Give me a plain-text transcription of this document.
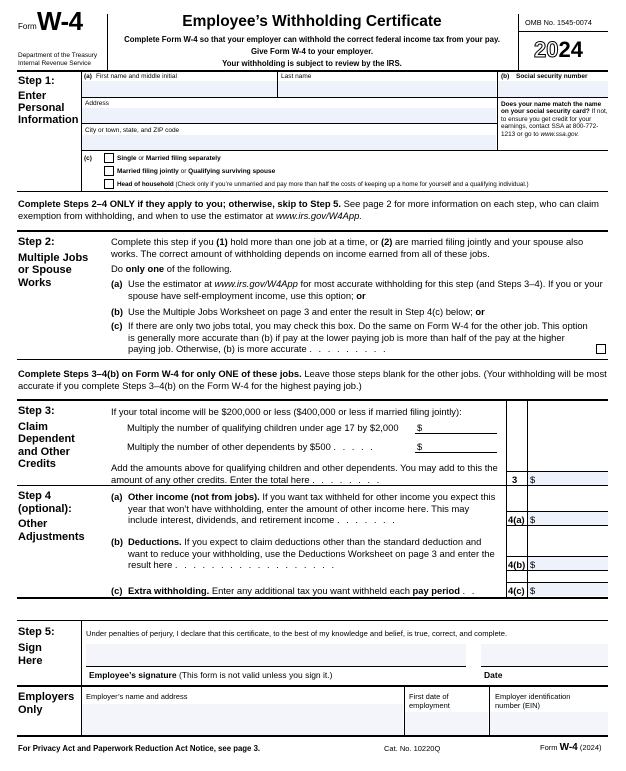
Form W-4
Department of the Treasury
Internal Revenue Service
Employee’s Withholding Certificate
Complete Form W-4 so that your employer can withhold the correct federal income tax from your pay.
Give Form W-4 to your employer.
Your withholding is subject to review by the IRS.
OMB No. 1545-0074
2024
Step 1:
Enter
Personal
Information
(a) First name and middle initial	Last name	(b) Social security number
Address
City or town, state, and ZIP code
Does your name match the name on your social security card? If not, to ensure you get credit for your earnings, contact SSA at 800-772-1213 or go to www.ssa.gov.
(c)	Single or Married filing separately
Married filing jointly or Qualifying surviving spouse
Head of household (Check only if you’re unmarried and pay more than half the costs of keeping up a home for yourself and a qualifying individual.)
Complete Steps 2–4 ONLY if they apply to you; otherwise, skip to Step 5. See page 2 for more information on each step, who can claim exemption from withholding, and when to use the estimator at www.irs.gov/W4App.
Step 2:
Multiple Jobs
or Spouse
Works
Complete this step if you (1) hold more than one job at a time, or (2) are married filing jointly and your spouse also works. The correct amount of withholding depends on income earned from all of these jobs.
Do only one of the following.
(a) Use the estimator at www.irs.gov/W4App for most accurate withholding for this step (and Steps 3–4). If you or your spouse have self-employment income, use this option; or
(b) Use the Multiple Jobs Worksheet on page 3 and enter the result in Step 4(c) below; or
(c) If there are only two jobs total, you may check this box. Do the same on Form W-4 for the other job. This option is generally more accurate than (b) if pay at the lower paying job is more than half of the pay at the higher paying job. Otherwise, (b) is more accurate . . . . . . . . .
Complete Steps 3–4(b) on Form W-4 for only ONE of these jobs. Leave those steps blank for the other jobs. (Your withholding will be most accurate if you complete Steps 3–4(b) on the Form W-4 for the highest paying job.)
Step 3:
Claim
Dependent
and Other
Credits
If your total income will be $200,000 or less ($400,000 or less if married filing jointly):
Multiply the number of qualifying children under age 17 by $2,000 $
Multiply the number of other dependents by $500 . . . . .	$
Add the amounts above for qualifying children and other dependents. You may add to this the amount of any other credits. Enter the total here . . . . . . . .	3 $
Step 4
(optional):
Other
Adjustments
(a) Other income (not from jobs). If you want tax withheld for other income you expect this year that won’t have withholding, enter the amount of other income here. This may include interest, dividends, and retirement income . . . . . . .
(b) Deductions. If you expect to claim deductions other than the standard deduction and want to reduce your withholding, use the Deductions Worksheet on page 3 and enter the result here . . . . . . . . . . . . . . . . . .
(c) Extra withholding. Enter any additional tax you want withheld each pay period . .
4(a) $
4(b) $
4(c) $
Step 5:
Sign
Here
Under penalties of perjury, I declare that this certificate, to the best of my knowledge and belief, is true, correct, and complete.
Employee’s signature (This form is not valid unless you sign it.)	Date
Employers
Only
Employer’s name and address	First date of
employment
Employer identification
number (EIN)
For Privacy Act and Paperwork Reduction Act Notice, see page 3.	Cat. No. 10220Q	Form W-4 (2024)
